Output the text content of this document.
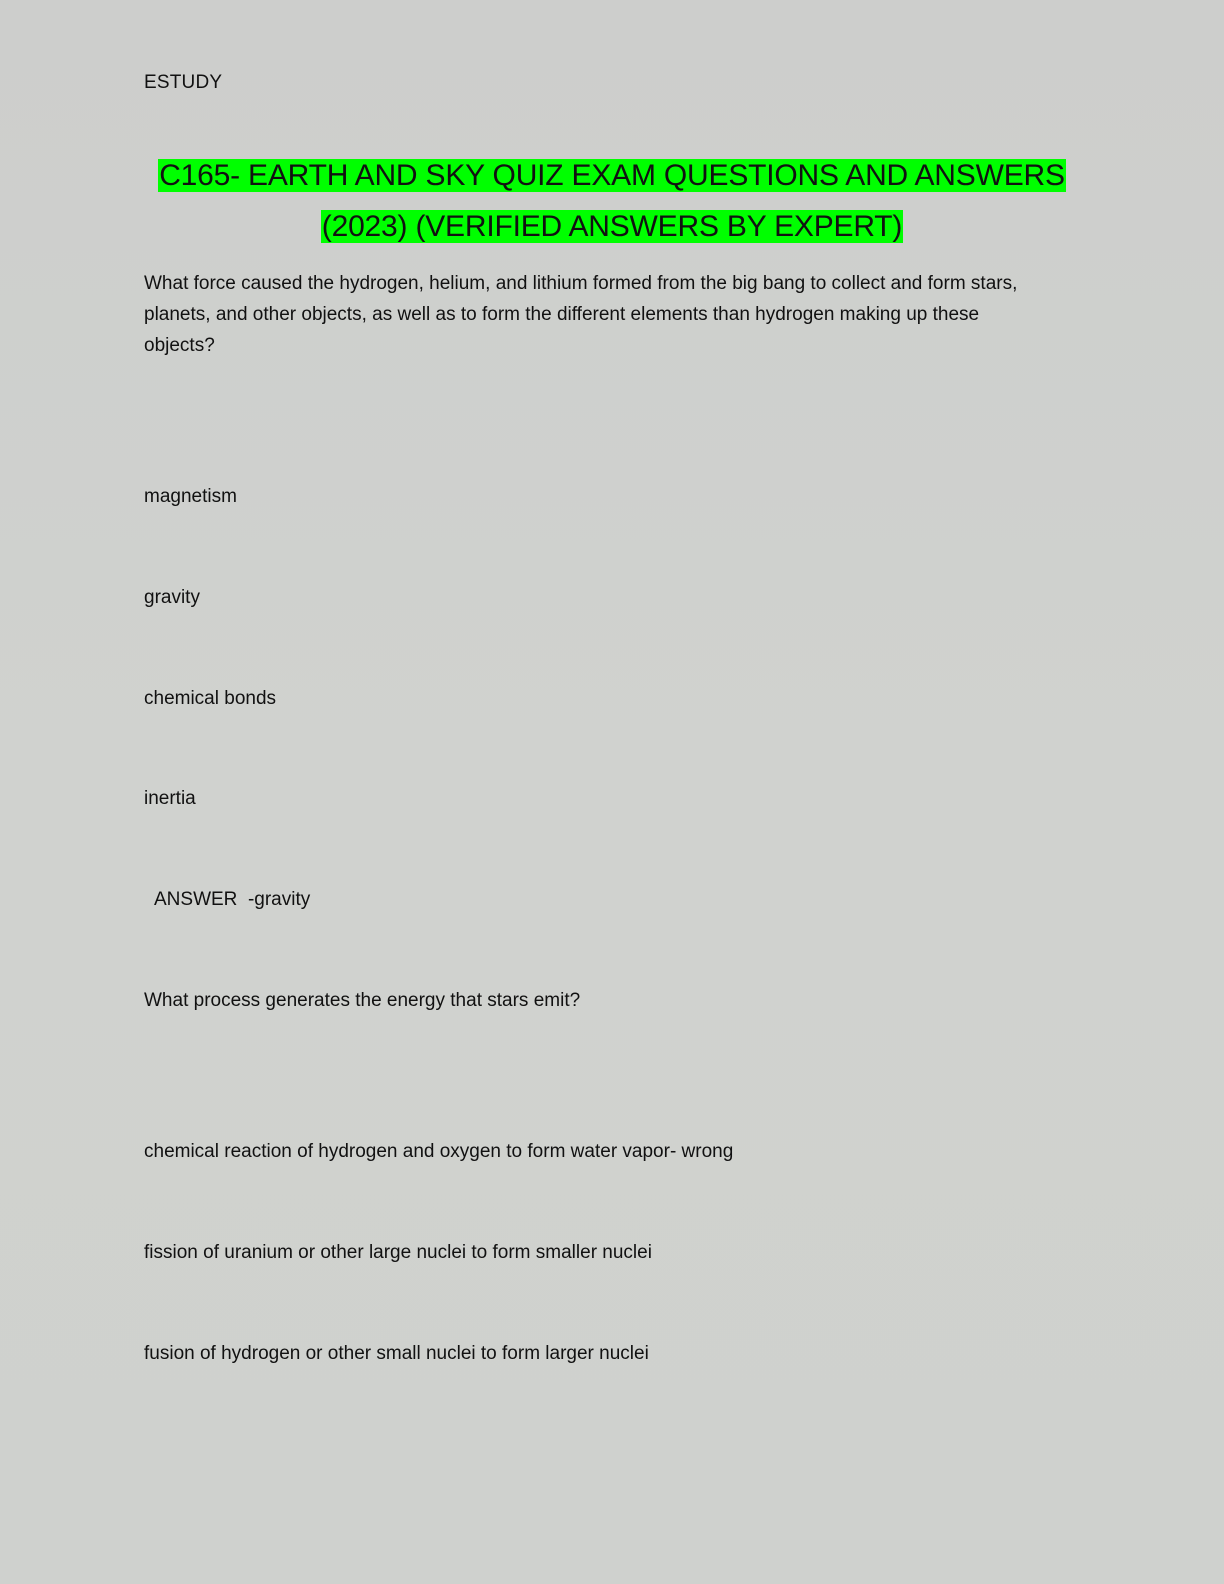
ESTUDY
C165- EARTH AND SKY QUIZ EXAM QUESTIONS AND ANSWERS (2023) (VERIFIED ANSWERS BY EXPERT)
What force caused the hydrogen, helium, and lithium formed from the big bang to collect and form stars, planets, and other objects, as well as to form the different elements than hydrogen making up these objects?
magnetism
gravity
chemical bonds
inertia
ANSWER  -gravity
What process generates the energy that stars emit?
chemical reaction of hydrogen and oxygen to form water vapor- wrong
fission of uranium or other large nuclei to form smaller nuclei
fusion of hydrogen or other small nuclei to form larger nuclei
